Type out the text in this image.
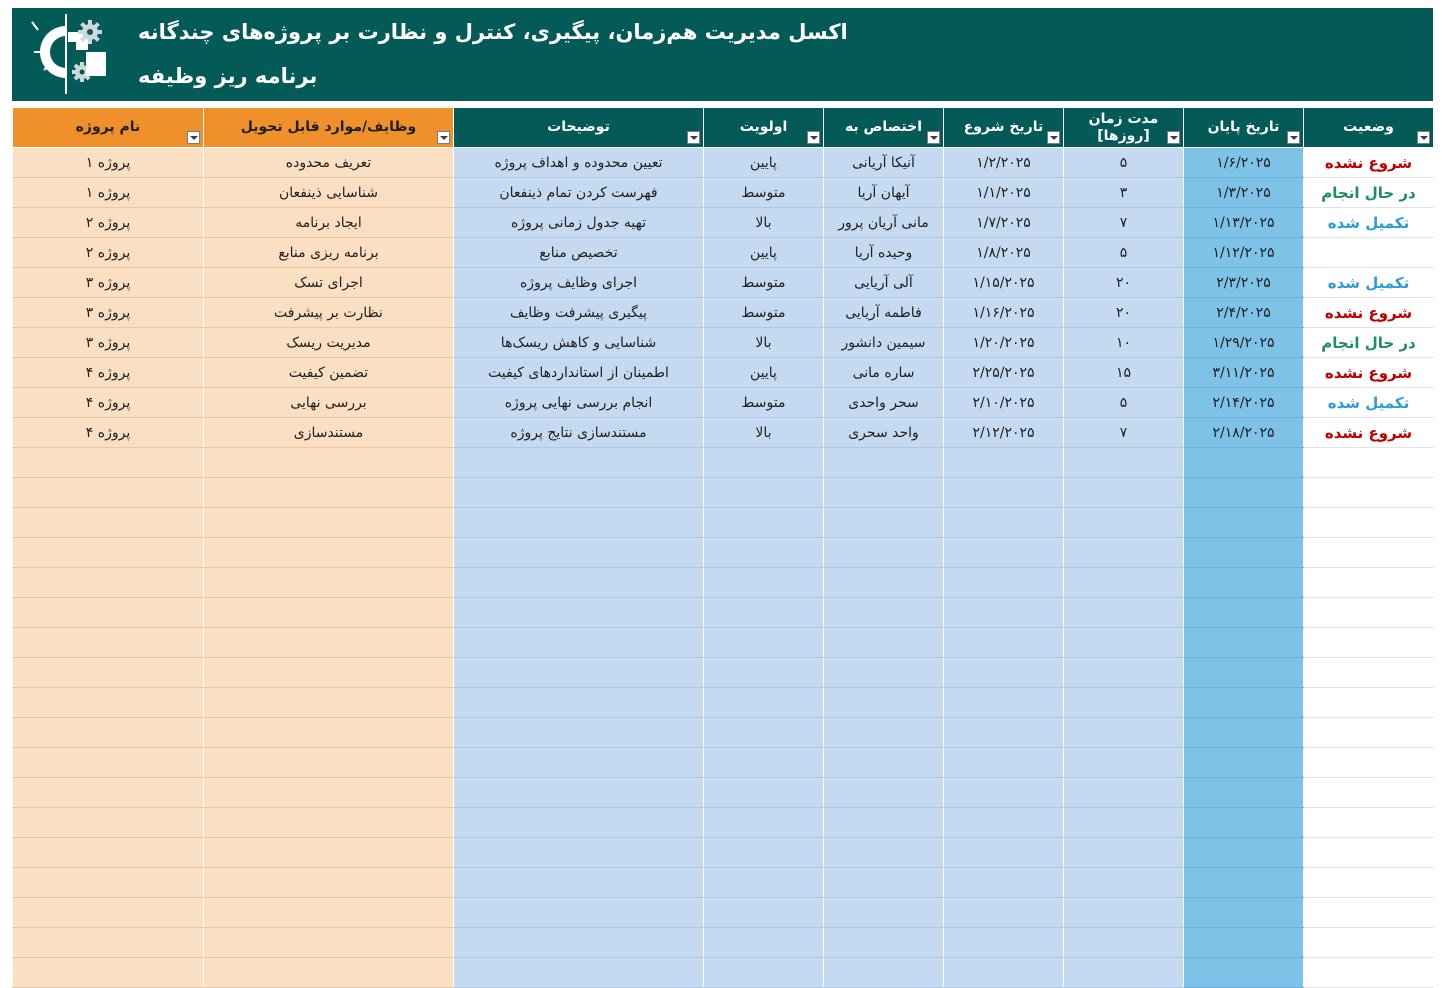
اکسل مدیریت هم‌زمان، پیگیری، کنترل و نظارت بر پروژه‌های چندگانه
برنامه ریز وظیفه
نام پروژه	وظایف/موارد قابل تحویل	توضیحات	اولویت	اختصاص به	تاریخ شروع	مدت زمان [روزها]	تاریخ پایان	وضعیت

پروژه ۱	تعریف محدوده	تعیین محدوده و اهداف پروژه	پایین	آنیکا آریانی	۱/۲/۲۰۲۵	۵	۱/۶/۲۰۲۵	شروع نشده
پروژه ۱	شناسایی ذینفعان	فهرست کردن تمام ذینفعان	متوسط	آیهان آریا	۱/۱/۲۰۲۵	۳	۱/۳/۲۰۲۵	در حال انجام
پروژه ۲	ایجاد برنامه	تهیه جدول زمانی پروژه	بالا	مانی آریان پرور	۱/۷/۲۰۲۵	۷	۱/۱۳/۲۰۲۵	تکمیل شده
پروژه ۲	برنامه ریزی منابع	تخصیص منابع	پایین	وحیده آریا	۱/۸/۲۰۲۵	۵	۱/۱۲/۲۰۲۵	
پروژه ۳	اجرای تسک	اجرای وظایف پروژه	متوسط	آلی آریایی	۱/۱۵/۲۰۲۵	۲۰	۲/۳/۲۰۲۵	تکمیل شده
پروژه ۳	نظارت بر پیشرفت	پیگیری پیشرفت وظایف	متوسط	فاطمه آریایی	۱/۱۶/۲۰۲۵	۲۰	۲/۴/۲۰۲۵	شروع نشده
پروژه ۳	مدیریت ریسک	شناسایی و کاهش ریسک‌ها	بالا	سیمین دانشور	۱/۲۰/۲۰۲۵	۱۰	۱/۲۹/۲۰۲۵	در حال انجام
پروژه ۴	تضمین کیفیت	اطمینان از استانداردهای کیفیت	پایین	ساره مانی	۲/۲۵/۲۰۲۵	۱۵	۳/۱۱/۲۰۲۵	شروع نشده
پروژه ۴	بررسی نهایی	انجام بررسی نهایی پروژه	متوسط	سحر واحدی	۲/۱۰/۲۰۲۵	۵	۲/۱۴/۲۰۲۵	تکمیل شده
پروژه ۴	مستندسازی	مستندسازی نتایج پروژه	بالا	واحد سحری	۲/۱۲/۲۰۲۵	۷	۲/۱۸/۲۰۲۵	شروع نشده
